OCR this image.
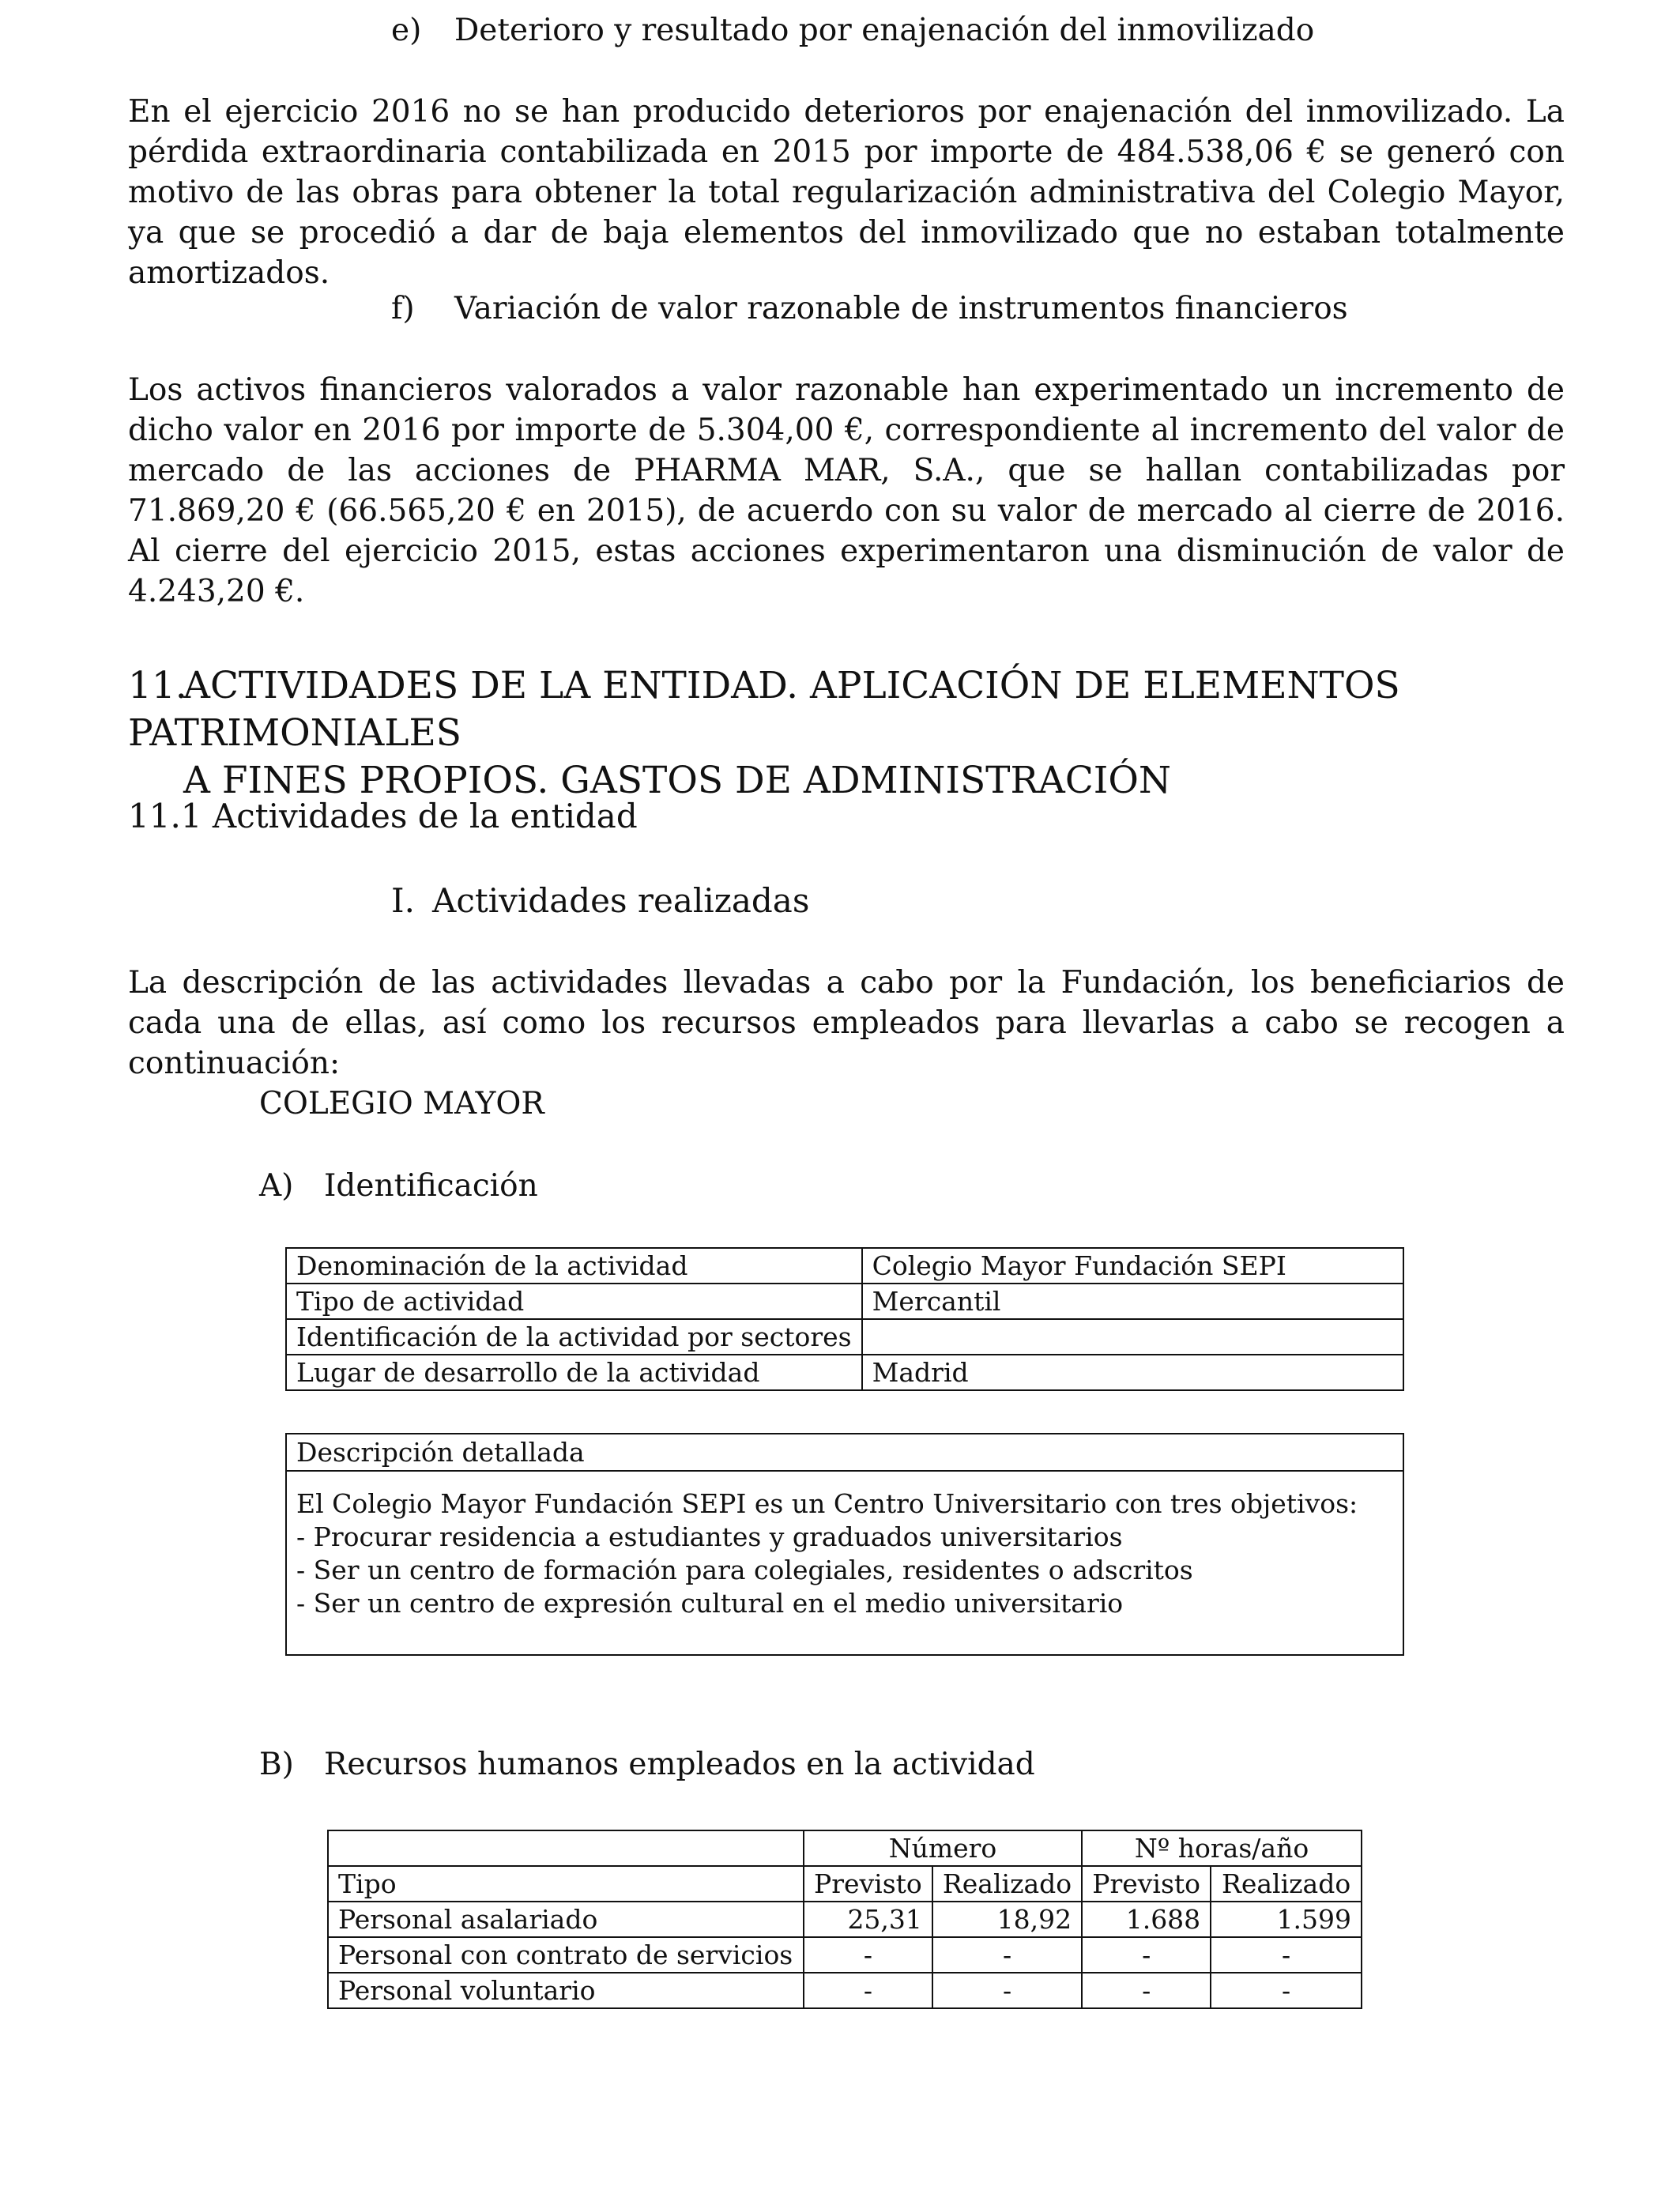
e) Deterioro y resultado por enajenación del inmovilizado

En el ejercicio 2016 no se han producido deterioros por enajenación del inmovilizado. La pérdida extraordinaria contabilizada en 2015 por importe de 484.538,06 € se generó con motivo de las obras para obtener la total regularización administrativa del Colegio Mayor, ya que se procedió a dar de baja elementos del inmovilizado que no estaban totalmente amortizados.

f) Variación de valor razonable de instrumentos financieros

Los activos financieros valorados a valor razonable han experimentado un incremento de dicho valor en 2016 por importe de 5.304,00 €, correspondiente al incremento del valor de mercado de las acciones de PHARMA MAR, S.A., que se hallan contabilizadas por 71.869,20 € (66.565,20 € en 2015), de acuerdo con su valor de mercado al cierre de 2016. Al cierre del ejercicio 2015, estas acciones experimentaron una disminución de valor de 4.243,20 €.

11.ACTIVIDADES DE LA ENTIDAD. APLICACIÓN DE ELEMENTOS PATRIMONIALES
A FINES PROPIOS. GASTOS DE ADMINISTRACIÓN
11.1 Actividades de la entidad
I. Actividades realizadas

La descripción de las actividades llevadas a cabo por la Fundación, los beneficiarios de cada una de ellas, así como los recursos empleados para llevarlas a cabo se recogen a continuación:

COLEGIO MAYOR
A) Identificación
Denominación de la actividad	Colegio Mayor Fundación SEPI
Tipo de actividad	Mercantil
Identificación de la actividad por sectores	
Lugar de desarrollo de la actividad	Madrid
Descripción detallada
El Colegio Mayor Fundación SEPI es un Centro Universitario con tres objetivos:
- Procurar residencia a estudiantes y graduados universitarios
- Ser un centro de formación para colegiales, residentes o adscritos
- Ser un centro de expresión cultural en el medio universitario
B) Recursos humanos empleados en la actividad
	Número		Nº horas/año	
Tipo	Previsto	Realizado	Previsto	Realizado
Personal asalariado	25,31	18,92	1.688	1.599
Personal con contrato de servicios	-	-	-	-
Personal voluntario	-	-	-	-
